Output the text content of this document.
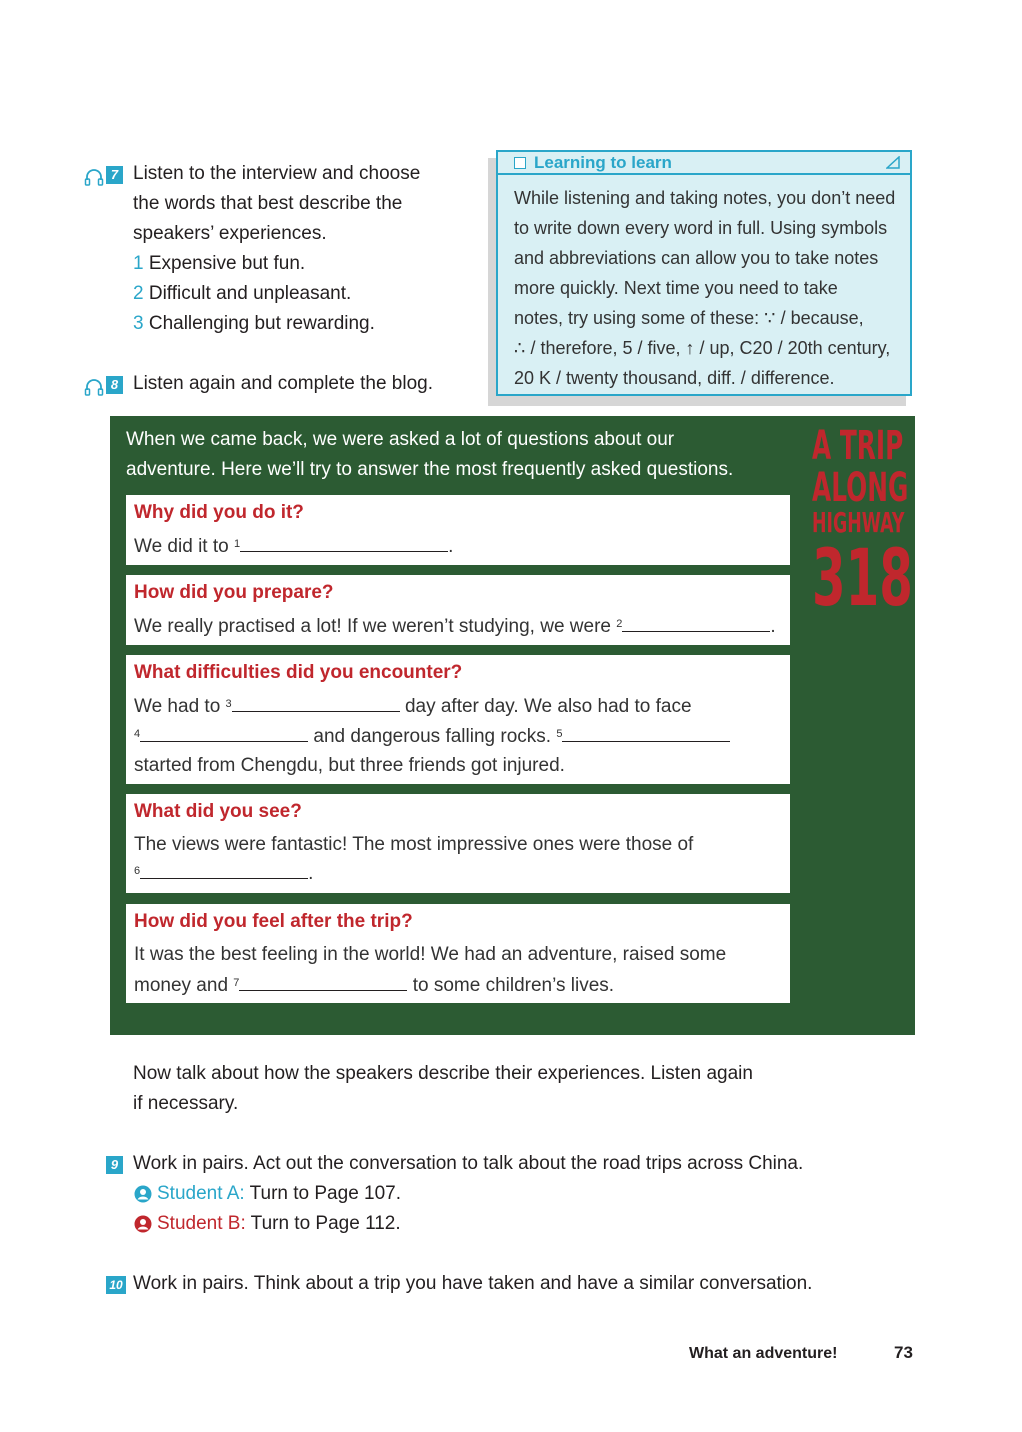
7 Listen to the interview and choose
the words that best describe the
speakers’ experiences.
1 Expensive but fun.
2 Difficult and unpleasant.
3 Challenging but rewarding.
8 Listen again and complete the blog.
Learning to learn
While listening and taking notes, you don’t need
to write down every word in full. Using symbols
and abbreviations can allow you to take notes
more quickly. Next time you need to take
notes, try using some of these: ∵ / because,
∴ / therefore, 5 / five, ↑ / up, C20 / 20th century,
20 K / twenty thousand, diff. / difference.
When we came back, we were asked a lot of questions about our
adventure. Here we’ll try to answer the most frequently asked questions.
A TRIP
ALONG
HIGHWAY
318
Why did you do it?
We did it to $^1$	.
How did you prepare?
We really practised a lot! If we weren’t studying, we were $^2$	.
What difficulties did you encounter?
We had to $^3$	day after day. We also had to face
$^4$	and dangerous falling rocks. $^5$
started from Chengdu, but three friends got injured.
What did you see?
The views were fantastic! The most impressive ones were those of
$^6$	.
How did you feel after the trip?
It was the best feeling in the world! We had an adventure, raised some
money and $^7$	to some children’s lives.
Now talk about how the speakers describe their experiences. Listen again
if necessary.
9 Work in pairs. Act out the conversation to talk about the road trips across China.
Student A: Turn to Page 107.
Student B: Turn to Page 112.
10 Work in pairs. Think about a trip you have taken and have a similar conversation.
What an adventure!	73
